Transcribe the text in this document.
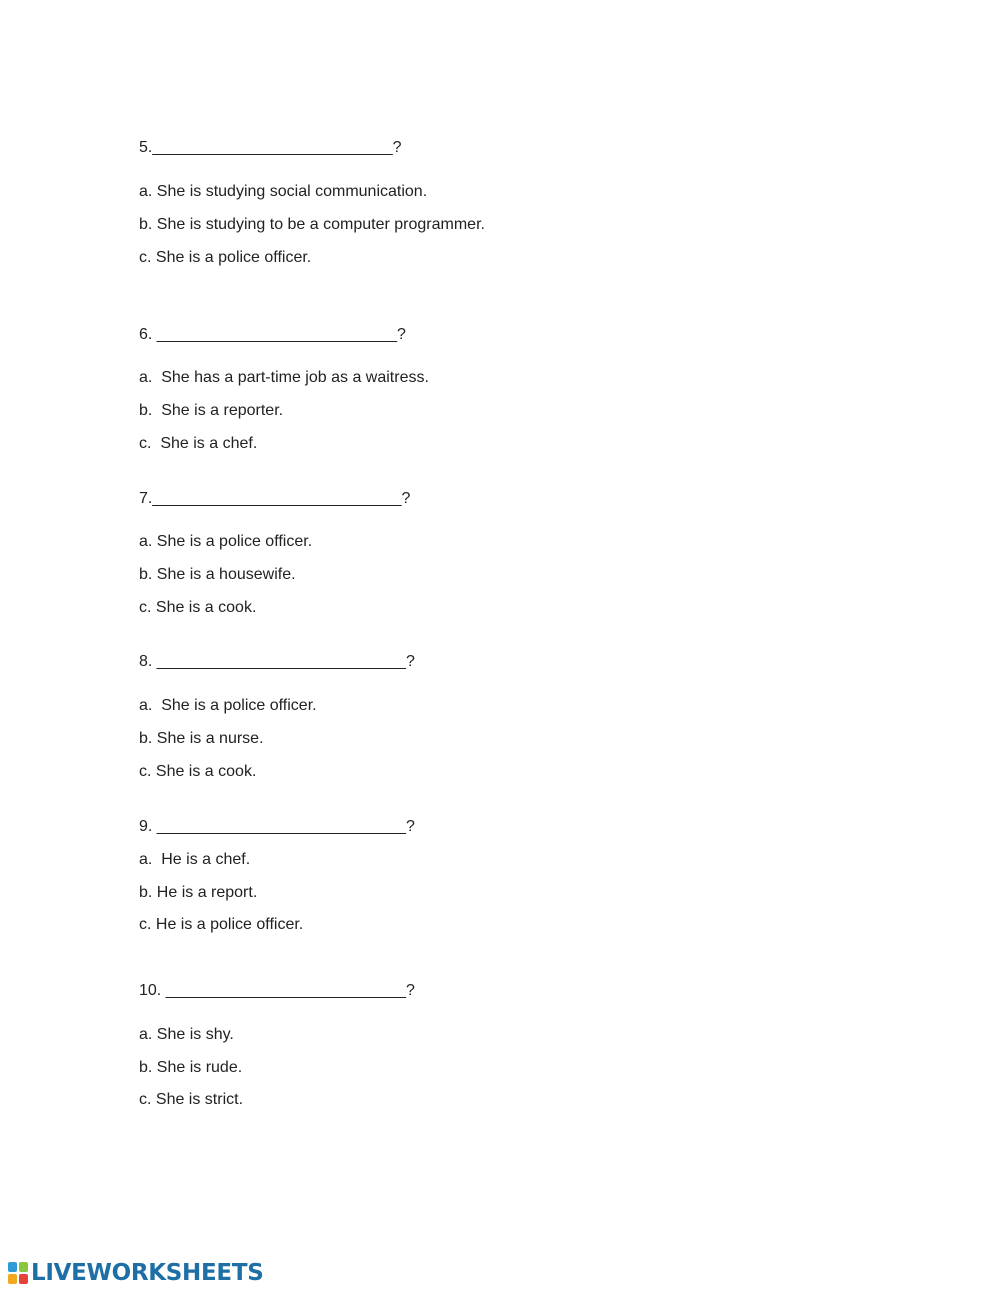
5.___________________________?
a. She is studying social communication.
b. She is studying to be a computer programmer.
c. She is a police officer.
6. ___________________________?
a.  She has a part-time job as a waitress.
b.  She is a reporter.
c.  She is a chef.
7.____________________________?
a. She is a police officer.
b. She is a housewife.
c. She is a cook.
8. ____________________________?
a.  She is a police officer.
b. She is a nurse.
c. She is a cook.
9. ____________________________?
a.  He is a chef.
b. He is a report.
c. He is a police officer.
10. ___________________________?
a. She is shy.
b. She is rude.
c. She is strict.
LIVEWORKSHEETS
